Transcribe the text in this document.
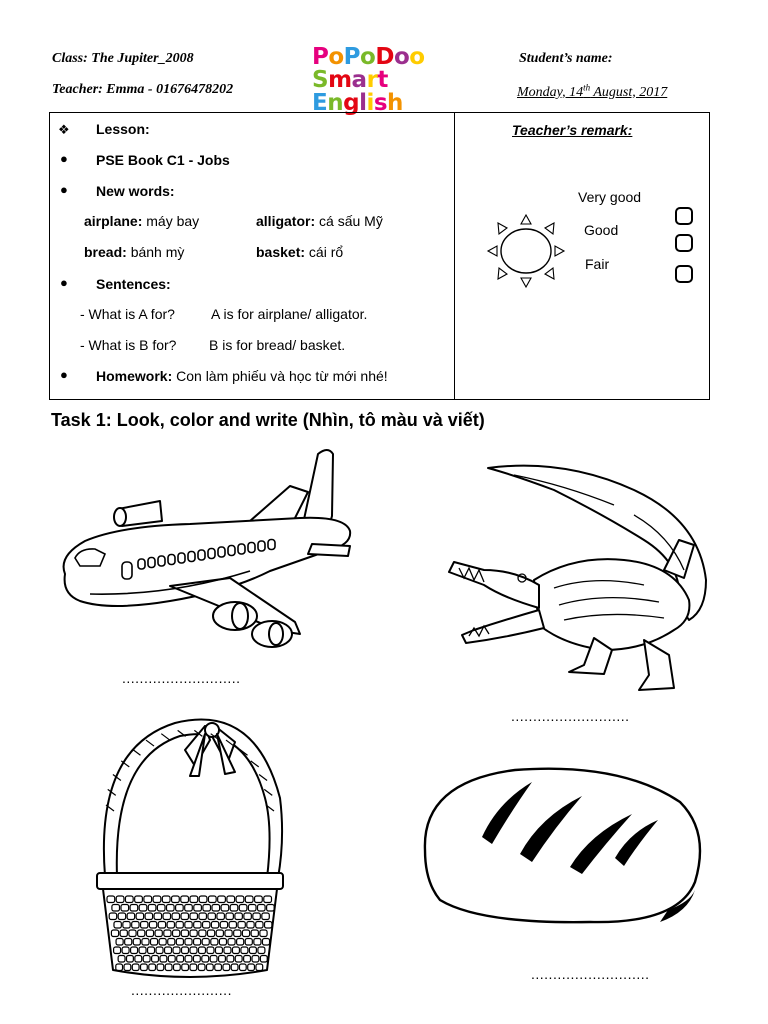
Class: The Jupiter_2008
Teacher: Emma - 01676478202
PoPoDoo
Smart English
Student’s name:
Monday, 14th August, 2017
❖ Lesson:
● PSE Book C1 - Jobs
● New words:
airplane: máy bay	alligator: cá sấu Mỹ
bread: bánh mỳ	basket: cái rổ
● Sentences:
- What is A for?	A is for airplane/ alligator.
- What is B for? B is for bread/ basket.
● Homework: Con làm phiếu và học từ mới nhé!
Teacher’s remark:
Very good
Good
Fair
Task 1: Look, color and write (Nhìn, tô màu và viết)
...........................
...........................
.......................
...........................
